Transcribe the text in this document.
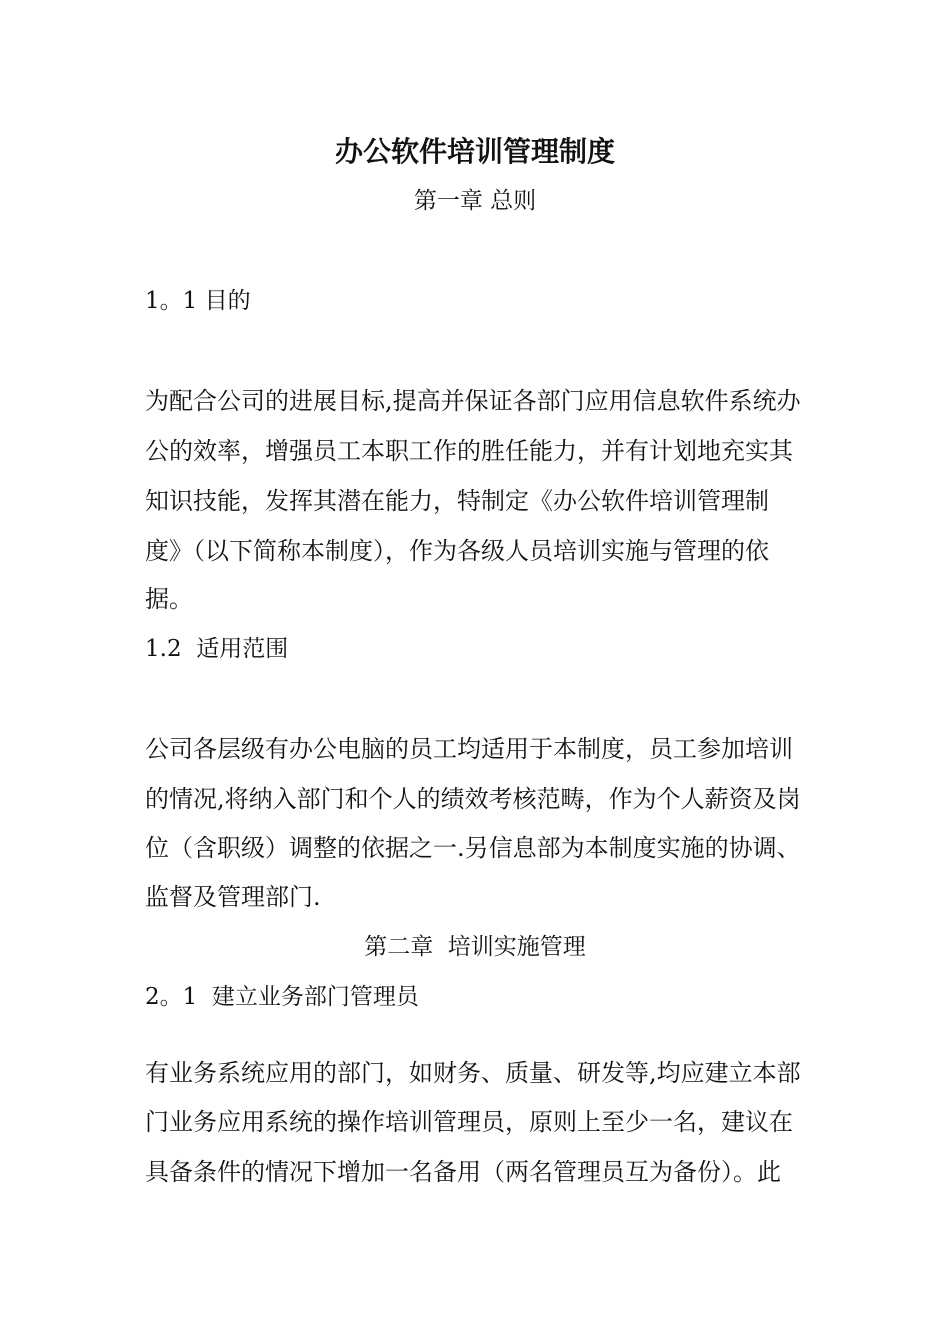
办公软件培训管理制度
第一章 总则
1。1 目的
为配合公司的进展目标,提高并保证各部门应用信息软件系统办
公的效率，增强员工本职工作的胜任能力，并有计划地充实其
知识技能，发挥其潜在能力，特制定《办公软件培训管理制
度》（以下简称本制度），作为各级人员培训实施与管理的依
据。
1.2  适用范围
公司各层级有办公电脑的员工均适用于本制度，员工参加培训
的情况,将纳入部门和个人的绩效考核范畴，作为个人薪资及岗
位（含职级）调整的依据之一.另信息部为本制度实施的协调、
监督及管理部门.
第二章  培训实施管理
2。1  建立业务部门管理员
有业务系统应用的部门，如财务、质量、研发等,均应建立本部
门业务应用系统的操作培训管理员，原则上至少一名，建议在
具备条件的情况下增加一名备用（两名管理员互为备份）。此
